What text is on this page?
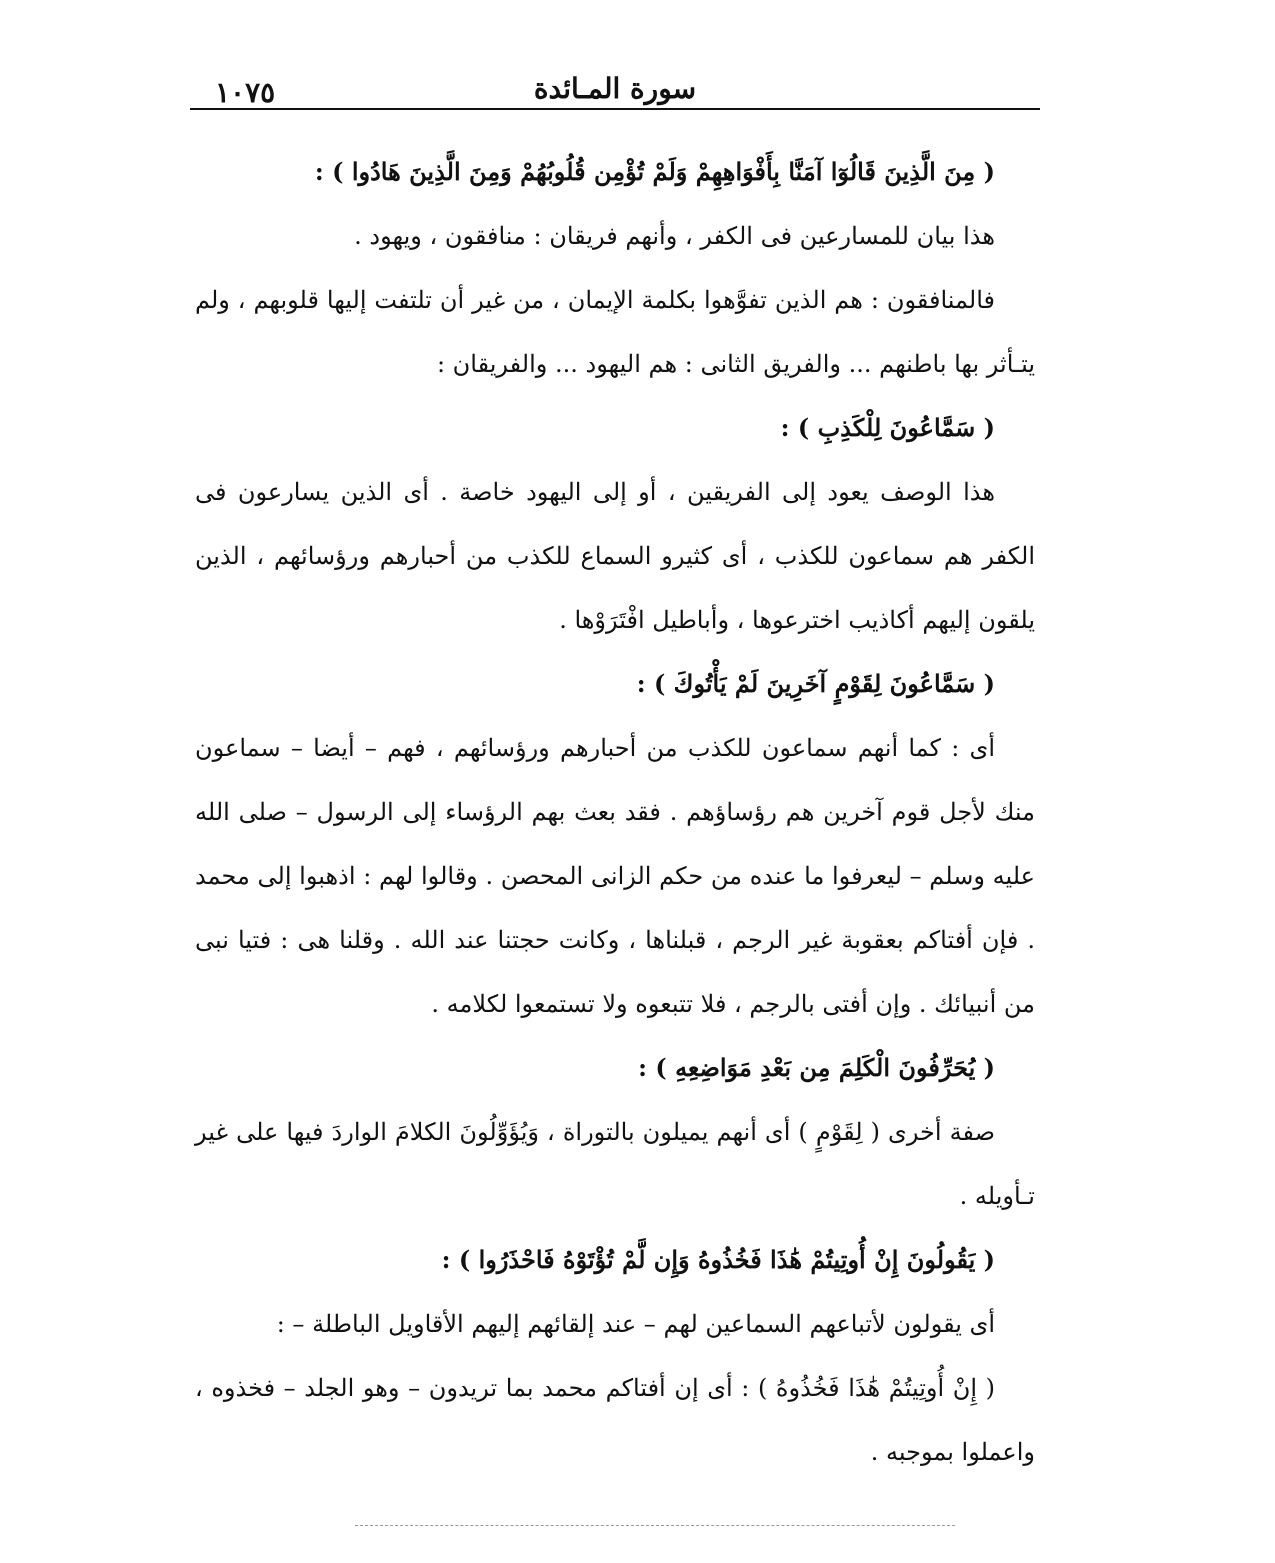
١٠٧٥	سورة المـائدة

( مِنَ الَّذِينَ قَالُوٓا آمَنَّا بِأَفْوَاهِهِمْ وَلَمْ تُؤْمِن قُلُوبُهُمْ وَمِنَ الَّذِينَ هَادُوا ) :

هذا بيان للمسارعين فى الكفر ، وأنهم فريقان : منافقون ، ويهود .

فالمنافقون : هم الذين تفوَّهوا بكلمة الإيمان ، من غير أن تلتفت إليها قلوبهم ، ولم يتـأثر بها باطنهم ... والفريق الثانى : هم اليهود ... والفريقان :

( سَمَّاعُونَ لِلْكَذِبِ ) :

هذا الوصف يعود إلى الفريقين ، أو إلى اليهود خاصة . أى الذين يسارعون فى الكفر هم سماعون للكذب ، أى كثيرو السماع للكذب من أحبارهم ورؤسائهم ، الذين يلقون إليهم أكاذيب اخترعوها ، وأباطيل افْتَرَوْها .

( سَمَّاعُونَ لِقَوْمٍ آخَرِينَ لَمْ يَأْتُوكَ ) :

أى : كما أنهم سماعون للكذب من أحبارهم ورؤسائهم ، فهم – أيضا – سماعون منك لأجل قوم آخرين هم رؤساؤهم . فقد بعث بهم الرؤساء إلى الرسول – صلى الله عليه وسلم – ليعرفوا ما عنده من حكم الزانى المحصن . وقالوا لهم : اذهبوا إلى محمد . فإن أفتاكم بعقوبة غير الرجم ، قبلناها ، وكانت حجتنا عند الله . وقلنا هى : فتيا نبى من أنبيائك . وإن أفتى بالرجم ، فلا تتبعوه ولا تستمعوا لكلامه .

( يُحَرِّفُونَ الْكَلِمَ مِن بَعْدِ مَوَاضِعِهِ ) :

صفة أخرى ( لِقَوْمٍ ) أى أنهم يميلون بالتوراة ، وَيُؤَوِّلُونَ الكلامَ الواردَ فيها على غير تـأويله .

( يَقُولُونَ إِنْ أُوتِيتُمْ هَٰذَا فَخُذُوهُ وَإِن لَّمْ تُؤْتَوْهُ فَاحْذَرُوا ) :

أى يقولون لأتباعهم السماعين لهم – عند إلقائهم إليهم الأقاويل الباطلة – :

( إِنْ أُوتِيتُمْ هَٰذَا فَخُذُوهُ ) : أى إن أفتاكم محمد بما تريدون – وهو الجلد – فخذوه ، واعملوا بموجبه .
